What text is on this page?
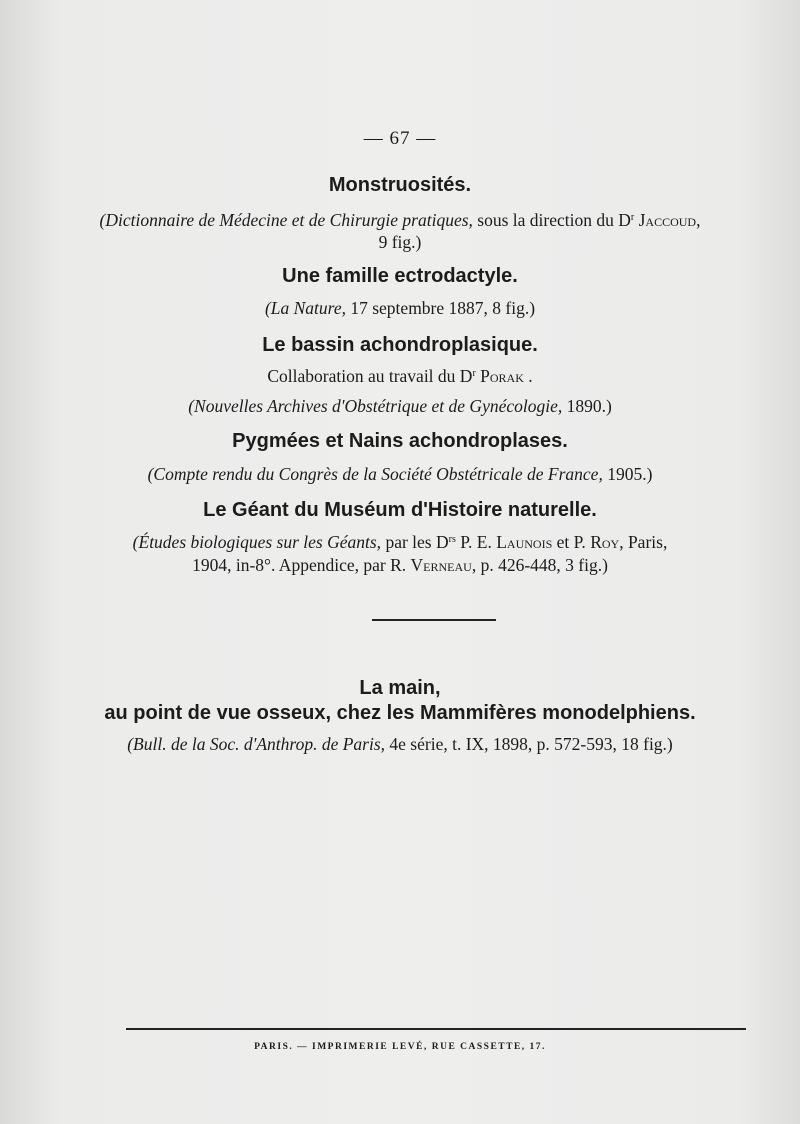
— 67 —
Monstruosités.
(Dictionnaire de Médecine et de Chirurgie pratiques, sous la direction du $D^r$ Jaccoud,
9 fig.)
Une famille ectrodactyle.
(La Nature, 17 septembre 1887, 8 fig.)
Le bassin achondroplasique.
Collaboration au travail du $D^r$ Porak .
(Nouvelles Archives d'Obstétrique et de Gynécologie, 1890.)
Pygmées et Nains achondroplases.
(Compte rendu du Congrès de la Société Obstétricale de France, 1905.)
Le Géant du Muséum d'Histoire naturelle.
(Études biologiques sur les Géants, par les $D^{rs}$ P. E. Launois et P. Roy, Paris,
1904, in-8°. Appendice, par R. Verneau, p. 426-448, 3 fig.)
La main,
au point de vue osseux, chez les Mammifères monodelphiens.
(Bull. de la Soc. d'Anthrop. de Paris, 4e série, t. IX, 1898, p. 572-593, 18 fig.)
PARIS. — IMPRIMERIE LEVÉ, RUE CASSETTE, 17.
